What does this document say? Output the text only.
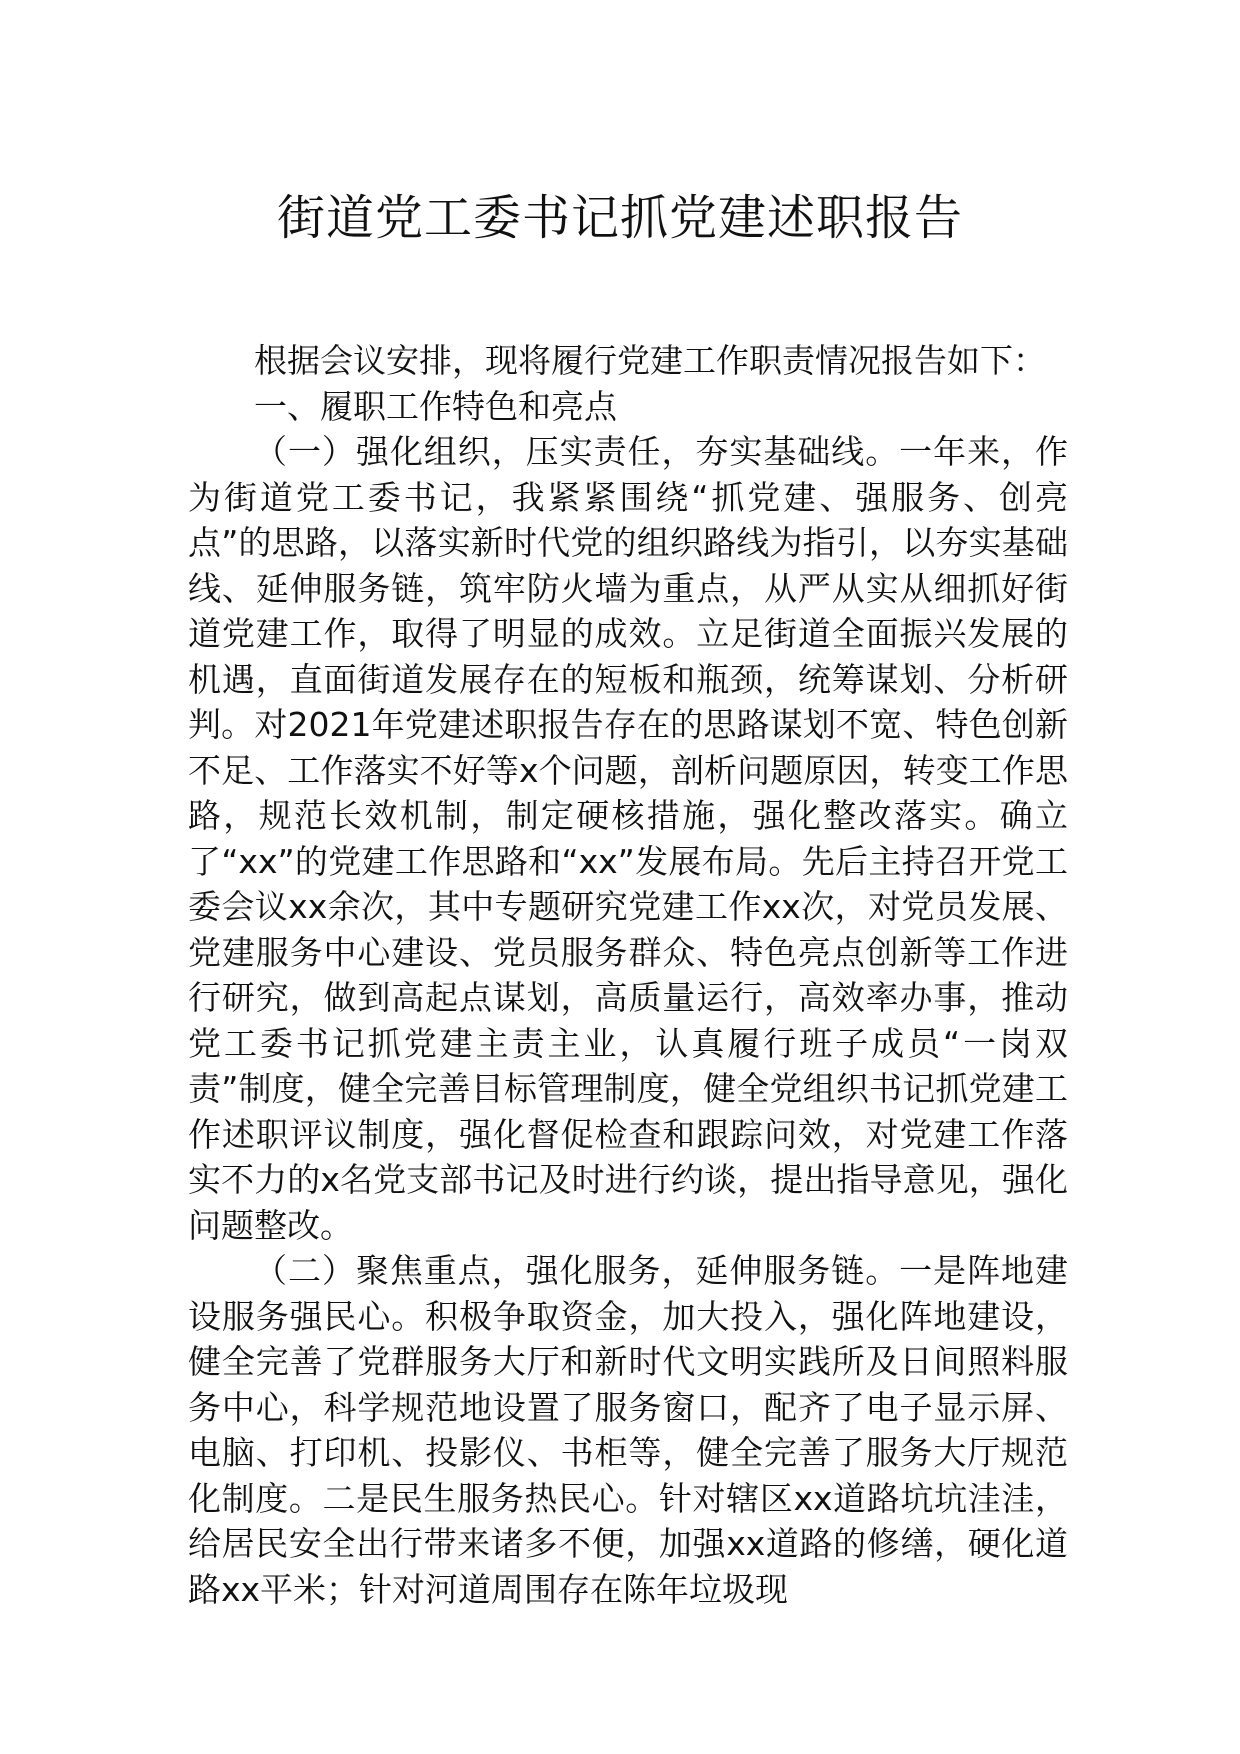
街道党工委书记抓党建述职报告

根据会议安排，现将履行党建工作职责情况报告如下：

一、履职工作特色和亮点

（一）强化组织，压实责任，夯实基础线。一年来，作为街道党工委书记，我紧紧围绕“抓党建、强服务、创亮点”的思路，以落实新时代党的组织路线为指引，以夯实基础线、延伸服务链，筑牢防火墙为重点，从严从实从细抓好街道党建工作，取得了明显的成效。立足街道全面振兴发展的机遇，直面街道发展存在的短板和瓶颈，统筹谋划、分析研判。对2021年党建述职报告存在的思路谋划不宽、特色创新不足、工作落实不好等x个问题，剖析问题原因，转变工作思路，规范长效机制，制定硬核措施，强化整改落实。确立了“xx”的党建工作思路和“xx”发展布局。先后主持召开党工委会议xx余次，其中专题研究党建工作xx次，对党员发展、党建服务中心建设、党员服务群众、特色亮点创新等工作进行研究，做到高起点谋划，高质量运行，高效率办事，推动党工委书记抓党建主责主业，认真履行班子成员“一岗双责”制度，健全完善目标管理制度，健全党组织书记抓党建工作述职评议制度，强化督促检查和跟踪问效，对党建工作落实不力的x名党支部书记及时进行约谈，提出指导意见，强化问题整改。

（二）聚焦重点，强化服务，延伸服务链。一是阵地建设服务强民心。积极争取资金，加大投入，强化阵地建设，健全完善了党群服务大厅和新时代文明实践所及日间照料服务中心，科学规范地设置了服务窗口，配齐了电子显示屏、电脑、打印机、投影仪、书柜等，健全完善了服务大厅规范化制度。二是民生服务热民心。针对辖区xx道路坑坑洼洼，给居民安全出行带来诸多不便，加强xx道路的修缮，硬化道路xx平米；针对河道周围存在陈年垃圾现
